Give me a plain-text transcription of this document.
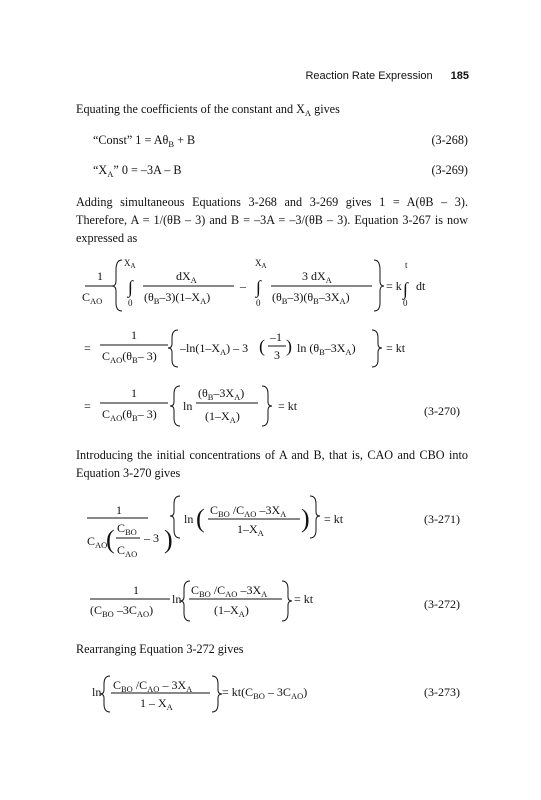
Reaction Rate Expression 185
Equating the coefficients of the constant and $X_A$ gives
“Const” $1 = A\theta_B + B$	(3-268)
“$X_A$” 0 = –3A – B	(3-269)
Adding simultaneous Equations 3-268 and 3-269 gives 1 = A(θB – 3). Therefore, A = 1/(θB – 3) and B = –3A = –3/(θB – 3). Equation 3-267 is now expressed as
1
$C_{AO}$
$X_A$
∫
0
$dX_A$
$(\theta_B-3)(1-X_A)$
–
$X_A$
∫
0
3 $dX_A$
$(\theta_B-3)(\theta_B-3X_A)$
= k
t
∫
0
dt
=
1
$C_{AO}(\theta_B-$ 3)
$-\ln(1-X_A) - 3$ ( –1
3 ) $\ln (\theta_B-3X_A)$	= kt
=
1
$C_{AO}(\theta_B-$ 3)
ln
$(\theta_B-3X_A)$
$(1-X_A)$
= kt	(3-270)
1
$C_{AO}$
( $C_{BO}$
$C_{AO}$
– 3 )
ln ( $C_{BO}$ $/C_{AO}$ $-3X_A$
$1-X_A$ ) = kt	(3-271)
1
($C_{BO}$ $-3C_{AO}$)
ln
$C_{BO}$ $/C_{AO}$ $-3X_A$
$(1-X_A)$
= kt	(3-272)
$\ln C_{BO}$ $/C_{AO} - 3X_A$
$1 - X_A$
= $kt(C_{BO} - 3C_{AO})$	(3-273)
Introducing the initial concentrations of A and B, that is, CAO and CBO into Equation 3-270 gives
Rearranging Equation 3-272 gives
